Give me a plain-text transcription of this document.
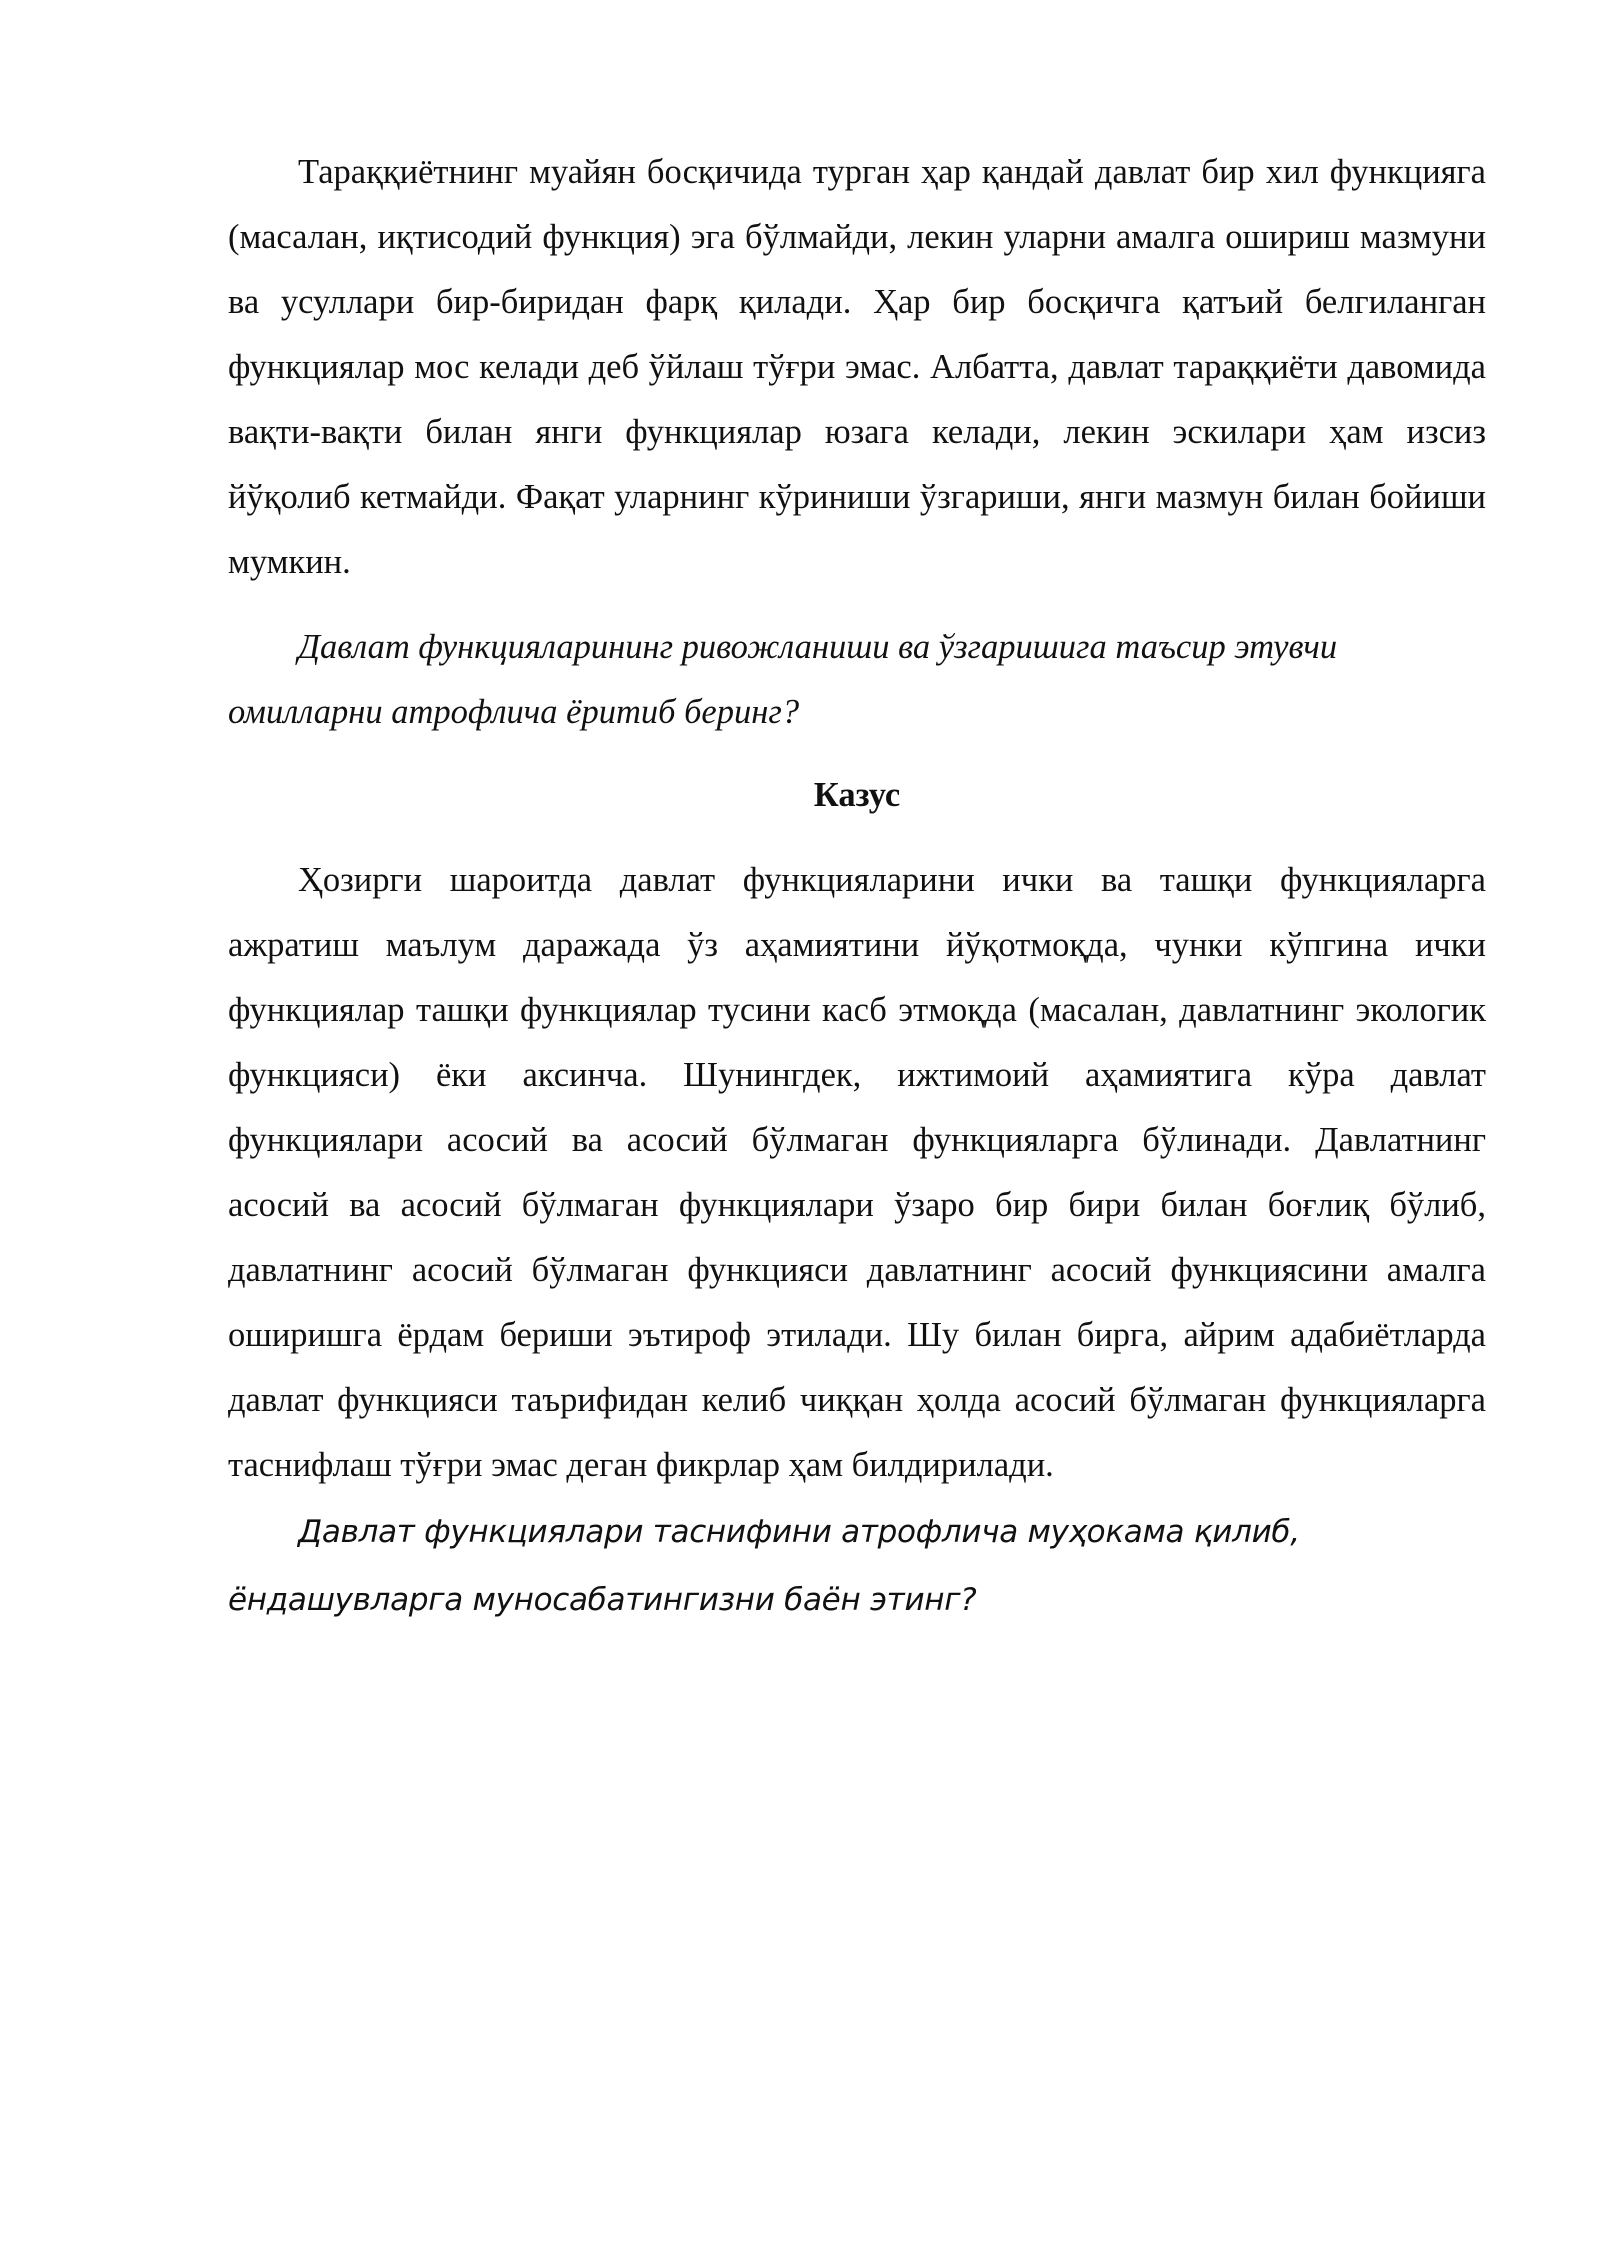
Тараққиётнинг муайян босқичида турган ҳар қандай давлат бир хил функцияга (масалан, иқтисодий функция) эга бўлмайди, лекин уларни амалга ошириш мазмуни ва усуллари бир-биридан фарқ қилади. Ҳар бир босқичга қатъий белгиланган функциялар мос келади деб ўйлаш тўғри эмас. Албатта, давлат тараққиёти давомида вақти-вақти билан янги функциялар юзага келади, лекин эскилари ҳам изсиз йўқолиб кетмайди. Фақат уларнинг кўриниши ўзгариши, янги мазмун билан бойиши мумкин.

Давлат функцияларининг ривожланиши ва ўзгаришига таъсир этувчи омилларни атрофлича ёритиб беринг?

Казус

Ҳозирги шароитда давлат функцияларини ички ва ташқи функцияларга ажратиш маълум даражада ўз аҳамиятини йўқотмоқда, чунки кўпгина ички функциялар ташқи функциялар тусини касб этмоқда (масалан, давлатнинг экологик функцияси) ёки аксинча. Шунингдек, ижтимоий аҳамиятига кўра давлат функциялари асосий ва асосий бўлмаган функцияларга бўлинади. Давлатнинг асосий ва асосий бўлмаган функциялари ўзаро бир бири билан боғлиқ бўлиб, давлатнинг асосий бўлмаган функцияси давлатнинг асосий функциясини амалга оширишга ёрдам бериши эътироф этилади. Шу билан бирга, айрим адабиётларда давлат функцияси таърифидан келиб чиққан ҳолда асосий бўлмаган функцияларга таснифлаш тўғри эмас деган фикрлар ҳам билдирилади.

Давлат функциялари таснифини атрофлича муҳокама қилиб, ёндашувларга муносабатингизни баён этинг?
